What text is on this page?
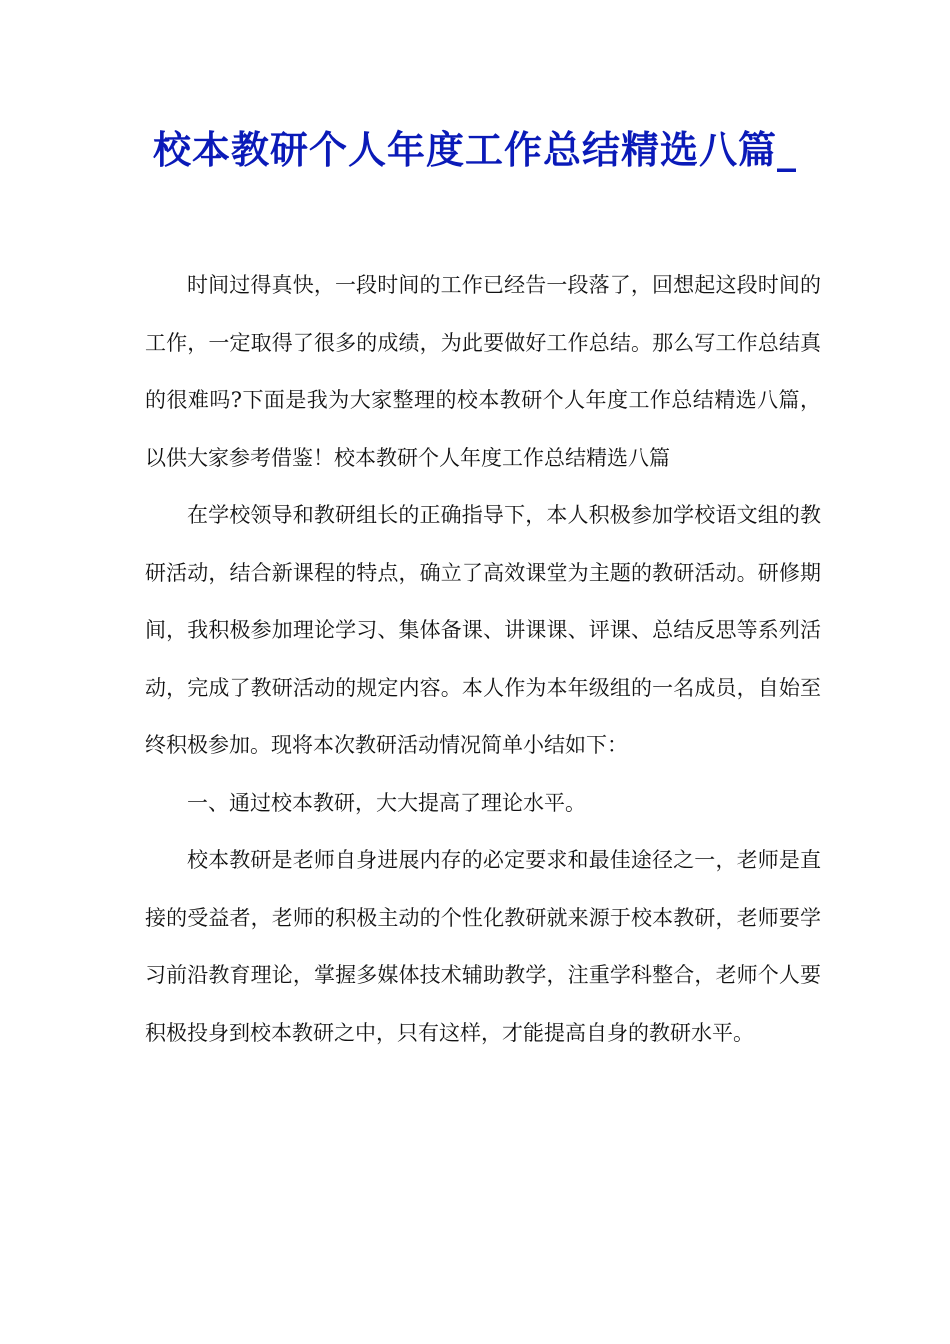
校本教研个人年度工作总结精选八篇_

时间过得真快，一段时间的工作已经告一段落了，回想起这段时间的工作，一定取得了很多的成绩，为此要做好工作总结。那么写工作总结真的很难吗?下面是我为大家整理的校本教研个人年度工作总结精选八篇，以供大家参考借鉴！校本教研个人年度工作总结精选八篇

在学校领导和教研组长的正确指导下，本人积极参加学校语文组的教研活动，结合新课程的特点，确立了高效课堂为主题的教研活动。研修期间，我积极参加理论学习、集体备课、讲课课、评课、总结反思等系列活动，完成了教研活动的规定内容。本人作为本年级组的一名成员，自始至终积极参加。现将本次教研活动情况简单小结如下：

一、通过校本教研，大大提高了理论水平。

校本教研是老师自身进展内存的必定要求和最佳途径之一，老师是直接的受益者，老师的积极主动的个性化教研就来源于校本教研，老师要学习前沿教育理论，掌握多媒体技术辅助教学，注重学科整合，老师个人要积极投身到校本教研之中，只有这样，才能提高自身的教研水平。
